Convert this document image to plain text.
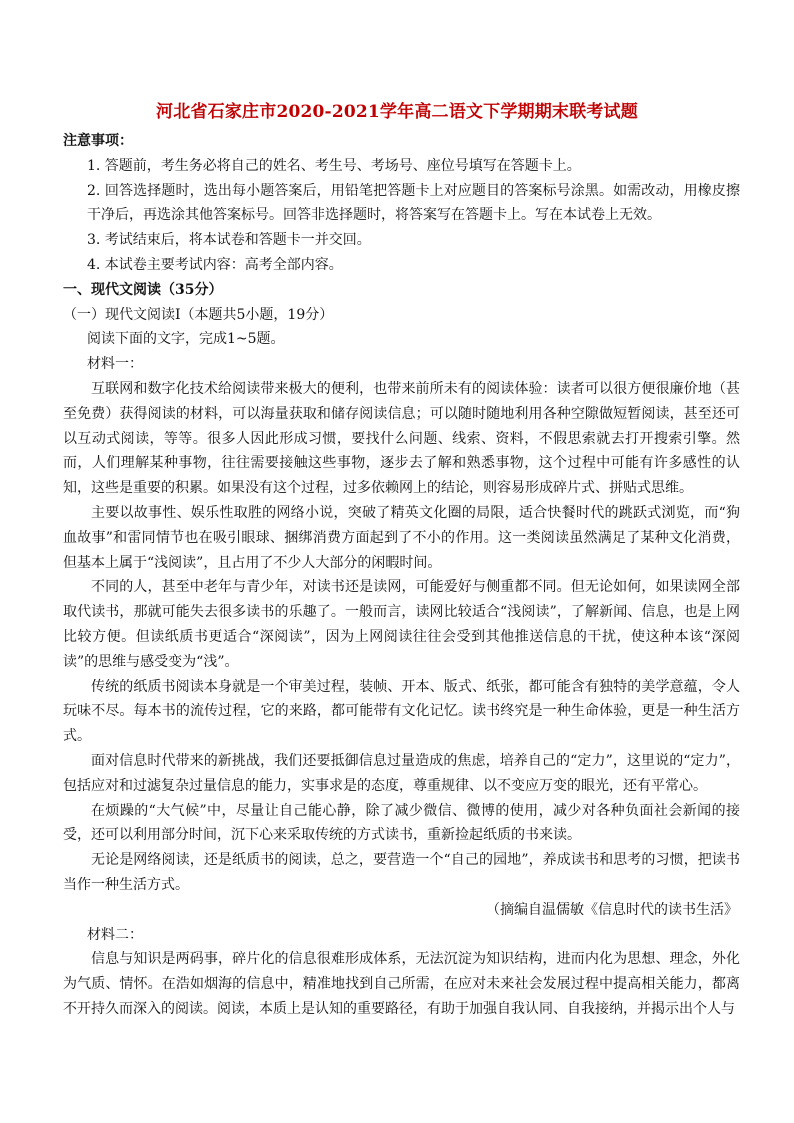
河北省石家庄市2020-2021学年高二语文下学期期末联考试题

注意事项：

1. 答题前，考生务必将自己的姓名、考生号、考场号、座位号填写在答题卡上。

2. 回答选择题时，选出每小题答案后，用铅笔把答题卡上对应题目的答案标号涂黑。如需改动，用橡皮擦干净后，再选涂其他答案标号。回答非选择题时，将答案写在答题卡上。写在本试卷上无效。

3. 考试结束后，将本试卷和答题卡一并交回。

4. 本试卷主要考试内容：高考全部内容。

一、现代文阅读（35分）

（一）现代文阅读Ⅰ（本题共5小题，19分）

阅读下面的文字，完成1~5题。

材料一：

互联网和数字化技术给阅读带来极大的便利，也带来前所未有的阅读体验：读者可以很方便很廉价地（甚至免费）获得阅读的材料，可以海量获取和储存阅读信息；可以随时随地利用各种空隙做短暂阅读，甚至还可以互动式阅读，等等。很多人因此形成习惯，要找什么问题、线索、资料，不假思索就去打开搜索引擎。然而，人们理解某种事物，往往需要接触这些事物，逐步去了解和熟悉事物，这个过程中可能有许多感性的认知，这些是重要的积累。如果没有这个过程，过多依赖网上的结论，则容易形成碎片式、拼贴式思维。

主要以故事性、娱乐性取胜的网络小说，突破了精英文化圈的局限，适合快餐时代的跳跃式浏览，而“狗血故事”和雷同情节也在吸引眼球、捆绑消费方面起到了不小的作用。这一类阅读虽然满足了某种文化消费，但基本上属于“浅阅读”，且占用了不少人大部分的闲暇时间。

不同的人，甚至中老年与青少年，对读书还是读网，可能爱好与侧重都不同。但无论如何，如果读网全部取代读书，那就可能失去很多读书的乐趣了。一般而言，读网比较适合“浅阅读”，了解新闻、信息，也是上网比较方便。但读纸质书更适合“深阅读”，因为上网阅读往往会受到其他推送信息的干扰，使这种本该“深阅读”的思维与感受变为“浅”。

传统的纸质书阅读本身就是一个审美过程，装帧、开本、版式、纸张，都可能含有独特的美学意蕴，令人玩味不尽。每本书的流传过程，它的来路，都可能带有文化记忆。读书终究是一种生命体验，更是一种生活方式。

面对信息时代带来的新挑战，我们还要抵御信息过量造成的焦虑，培养自己的“定力”，这里说的“定力”，包括应对和过滤复杂过量信息的能力，实事求是的态度，尊重规律、以不变应万变的眼光，还有平常心。

在烦躁的“大气候”中，尽量让自己能心静，除了减少微信、微博的使用，减少对各种负面社会新闻的接受，还可以利用部分时间，沉下心来采取传统的方式读书，重新捡起纸质的书来读。

无论是网络阅读，还是纸质书的阅读，总之，要营造一个“自己的园地”，养成读书和思考的习惯，把读书当作一种生活方式。

（摘编自温儒敏《信息时代的读书生活》

材料二：

信息与知识是两码事，碎片化的信息很难形成体系，无法沉淀为知识结构，进而内化为思想、理念，外化为气质、情怀。在浩如烟海的信息中，精准地找到自己所需，在应对未来社会发展过程中提高相关能力，都离不开持久而深入的阅读。阅读，本质上是认知的重要路径，有助于加强自我认同、自我接纳，并揭示出个人与
